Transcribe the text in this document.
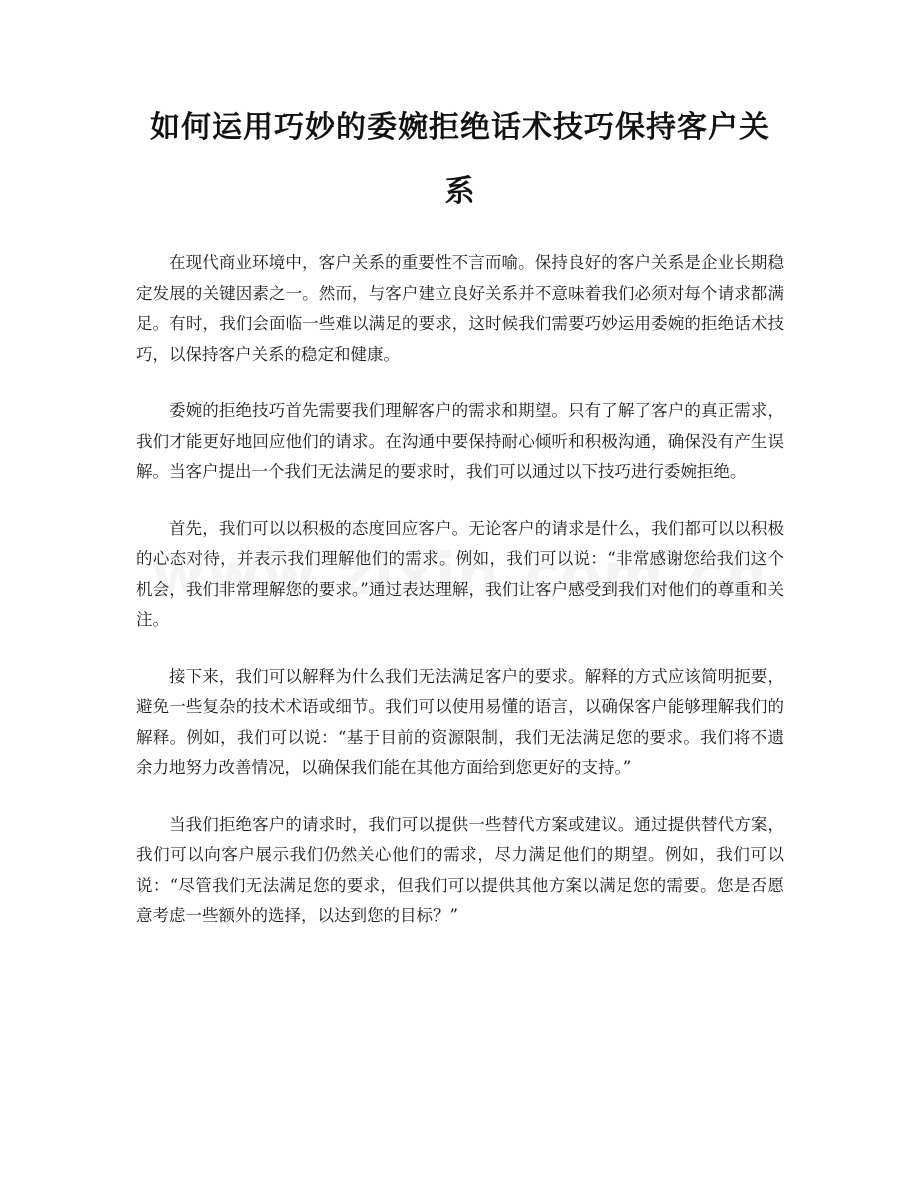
如何运用巧妙的委婉拒绝话术技巧保持客户关系

在现代商业环境中，客户关系的重要性不言而喻。保持良好的客户关系是企业长期稳定发展的关键因素之一。然而，与客户建立良好关系并不意味着我们必须对每个请求都满足。有时，我们会面临一些难以满足的要求，这时候我们需要巧妙运用委婉的拒绝话术技巧，以保持客户关系的稳定和健康。

委婉的拒绝技巧首先需要我们理解客户的需求和期望。只有了解了客户的真正需求，我们才能更好地回应他们的请求。在沟通中要保持耐心倾听和积极沟通，确保没有产生误解。当客户提出一个我们无法满足的要求时，我们可以通过以下技巧进行委婉拒绝。

首先，我们可以以积极的态度回应客户。无论客户的请求是什么，我们都可以以积极的心态对待，并表示我们理解他们的需求。例如，我们可以说：“非常感谢您给我们这个机会，我们非常理解您的要求。”通过表达理解，我们让客户感受到我们对他们的尊重和关注。

接下来，我们可以解释为什么我们无法满足客户的要求。解释的方式应该简明扼要，避免一些复杂的技术术语或细节。我们可以使用易懂的语言，以确保客户能够理解我们的解释。例如，我们可以说：“基于目前的资源限制，我们无法满足您的要求。我们将不遗余力地努力改善情况，以确保我们能在其他方面给到您更好的支持。”

当我们拒绝客户的请求时，我们可以提供一些替代方案或建议。通过提供替代方案，我们可以向客户展示我们仍然关心他们的需求，尽力满足他们的期望。例如，我们可以说：“尽管我们无法满足您的要求，但我们可以提供其他方案以满足您的需要。您是否愿意考虑一些额外的选择，以达到您的目标？”
